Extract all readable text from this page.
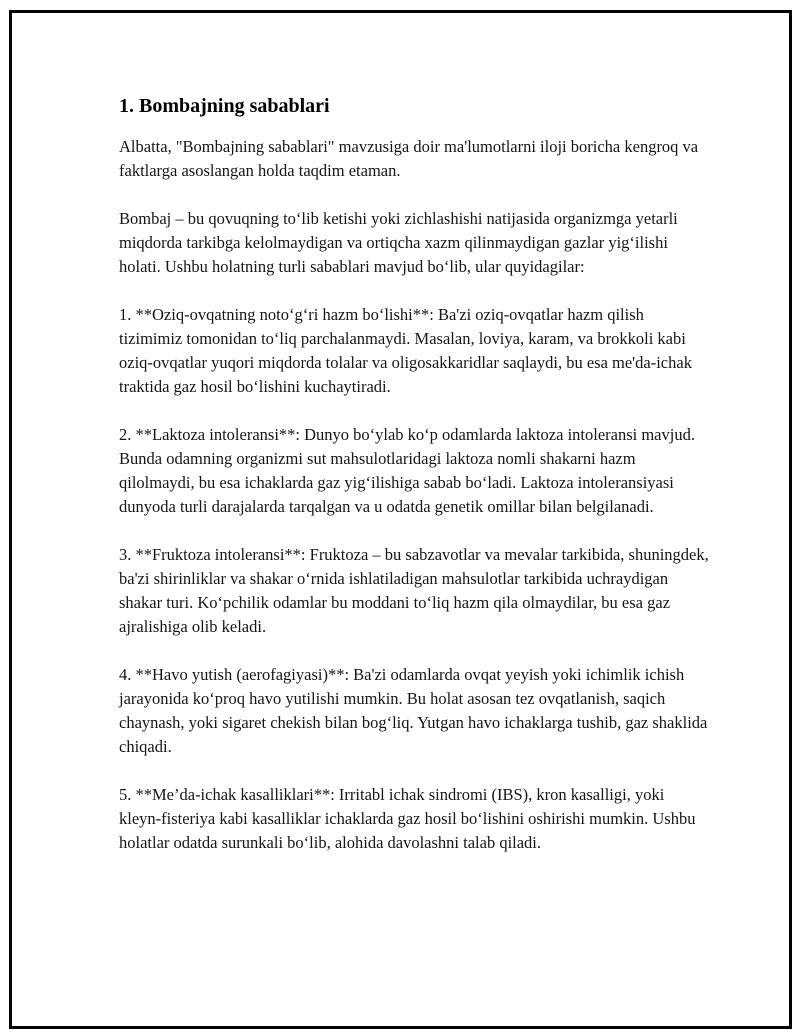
1. Bombajning sabablari

Albatta, "Bombajning sabablari" mavzusiga doir ma'lumotlarni iloji boricha kengroq va faktlarga asoslangan holda taqdim etaman.

Bombaj – bu qovuqning to‘lib ketishi yoki zichlashishi natijasida organizmga yetarli miqdorda tarkibga kelolmaydigan va ortiqcha xazm qilinmaydigan gazlar yig‘ilishi holati. Ushbu holatning turli sabablari mavjud bo‘lib, ular quyidagilar:

1. **Oziq-ovqatning noto‘g‘ri hazm bo‘lishi**: Ba'zi oziq-ovqatlar hazm qilish tizimimiz tomonidan to‘liq parchalanmaydi. Masalan, loviya, karam, va brokkoli kabi oziq-ovqatlar yuqori miqdorda tolalar va oligosakkaridlar saqlaydi, bu esa me'da-ichak traktida gaz hosil bo‘lishini kuchaytiradi.

2. **Laktoza intoleransi**: Dunyo bo‘ylab ko‘p odamlarda laktoza intoleransi mavjud. Bunda odamning organizmi sut mahsulotlaridagi laktoza nomli shakarni hazm qilolmaydi, bu esa ichaklarda gaz yig‘ilishiga sabab bo‘ladi. Laktoza intoleransiyasi dunyoda turli darajalarda tarqalgan va u odatda genetik omillar bilan belgilanadi.

3. **Fruktoza intoleransi**: Fruktoza – bu sabzavotlar va mevalar tarkibida, shuningdek, ba'zi shirinliklar va shakar o‘rnida ishlatiladigan mahsulotlar tarkibida uchraydigan shakar turi. Ko‘pchilik odamlar bu moddani to‘liq hazm qila olmaydilar, bu esa gaz ajralishiga olib keladi.

4. **Havo yutish (aerofagiyasi)**: Ba'zi odamlarda ovqat yeyish yoki ichimlik ichish jarayonida ko‘proq havo yutilishi mumkin. Bu holat asosan tez ovqatlanish, saqich chaynash, yoki sigaret chekish bilan bog‘liq. Yutgan havo ichaklarga tushib, gaz shaklida chiqadi.

5. **Me’da-ichak kasalliklari**: Irritabl ichak sindromi (IBS), kron kasalligi, yoki kleyn-fisteriya kabi kasalliklar ichaklarda gaz hosil bo‘lishini oshirishi mumkin. Ushbu holatlar odatda surunkali bo‘lib, alohida davolashni talab qiladi.
